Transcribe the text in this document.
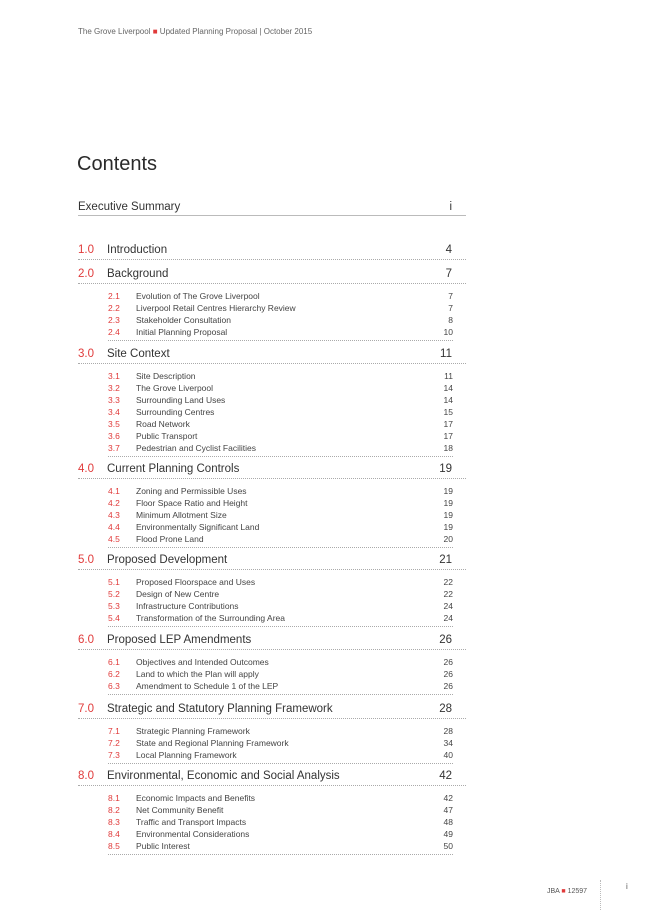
The Grove Liverpool ■ Updated Planning Proposal | October 2015
Contents
Executive Summary	i
1.0 Introduction	4
2.0 Background	7
2.1 Evolution of The Grove Liverpool	7
2.2 Liverpool Retail Centres Hierarchy Review	7
2.3 Stakeholder Consultation	8
2.4 Initial Planning Proposal	10
3.0 Site Context	11
3.1 Site Description	11
3.2 The Grove Liverpool	14
3.3 Surrounding Land Uses	14
3.4 Surrounding Centres	15
3.5 Road Network	17
3.6 Public Transport	17
3.7 Pedestrian and Cyclist Facilities	18
4.0 Current Planning Controls	19
4.1 Zoning and Permissible Uses	19
4.2 Floor Space Ratio and Height	19
4.3 Minimum Allotment Size	19
4.4 Environmentally Significant Land	19
4.5 Flood Prone Land	20
5.0 Proposed Development	21
5.1 Proposed Floorspace and Uses	22
5.2 Design of New Centre	22
5.3 Infrastructure Contributions	24
5.4 Transformation of the Surrounding Area	24
6.0 Proposed LEP Amendments	26
6.1 Objectives and Intended Outcomes	26
6.2 Land to which the Plan will apply	26
6.3 Amendment to Schedule 1 of the LEP	26
7.0 Strategic and Statutory Planning Framework	28
7.1 Strategic Planning Framework	28
7.2 State and Regional Planning Framework	34
7.3 Local Planning Framework	40
8.0 Environmental, Economic and Social Analysis	42
8.1 Economic Impacts and Benefits	42
8.2 Net Community Benefit	47
8.3 Traffic and Transport Impacts	48
8.4 Environmental Considerations	49
8.5 Public Interest	50
JBA ■ 12597
i
